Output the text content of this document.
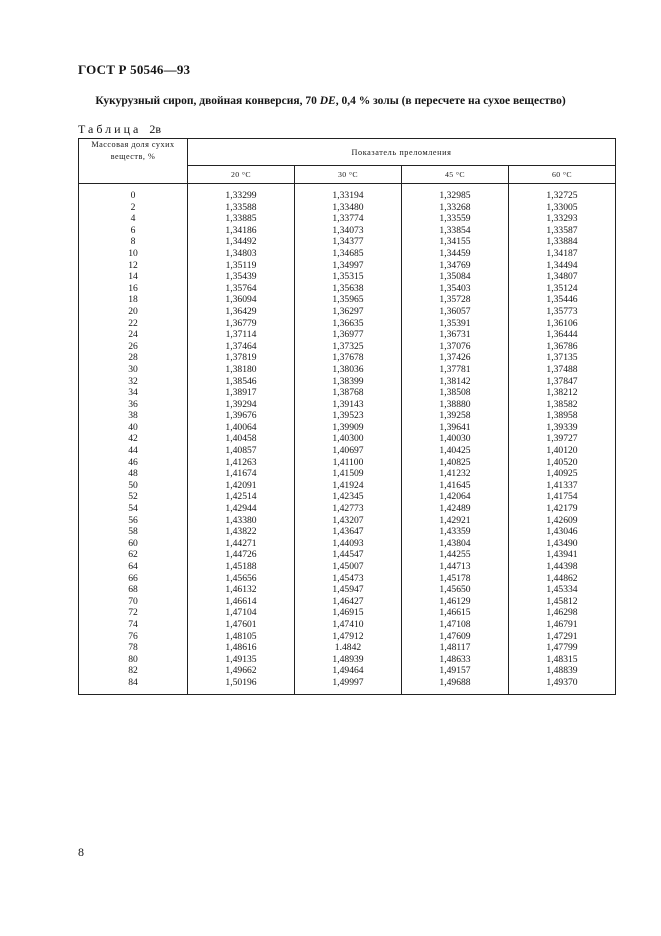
ГОСТ Р 50546—93
Кукурузный сироп, двойная конверсия, 70 DE, 0,4 % золы (в пересчете на сухое вещество)
Таблица 2в
Массовая доля сухих веществ, %	Показатель преломления			
	20 °C	30 °C	45 °C	60 °C

0	1,33299	1,33194	1,32985	1,32725
2	1,33588	1,33480	1,33268	1,33005
4	1,33885	1,33774	1,33559	1,33293
6	1,34186	1,34073	1,33854	1,33587
8	1,34492	1,34377	1,34155	1,33884
10	1,34803	1,34685	1,34459	1,34187
12	1,35119	1,34997	1,34769	1,34494
14	1,35439	1,35315	1,35084	1,34807
16	1,35764	1,35638	1,35403	1,35124
18	1,36094	1,35965	1,35728	1,35446
20	1,36429	1,36297	1,36057	1,35773
22	1,36779	1,36635	1,35391	1,36106
24	1,37114	1,36977	1,36731	1,36444
26	1,37464	1,37325	1,37076	1,36786
28	1,37819	1,37678	1,37426	1,37135
30	1,38180	1,38036	1,37781	1,37488
32	1,38546	1,38399	1,38142	1,37847
34	1,38917	1,38768	1,38508	1,38212
36	1,39294	1,39143	1,38880	1,38582
38	1,39676	1,39523	1,39258	1,38958
40	1,40064	1,39909	1,39641	1,39339
42	1,40458	1,40300	1,40030	1,39727
44	1,40857	1,40697	1,40425	1,40120
46	1,41263	1,41100	1,40825	1,40520
48	1,41674	1,41509	1,41232	1,40925
50	1,42091	1,41924	1,41645	1,41337
52	1,42514	1,42345	1,42064	1,41754
54	1,42944	1,42773	1,42489	1,42179
56	1,43380	1,43207	1,42921	1,42609
58	1,43822	1,43647	1,43359	1,43046
60	1,44271	1,44093	1,43804	1,43490
62	1,44726	1,44547	1,44255	1,43941
64	1,45188	1,45007	1,44713	1,44398
66	1,45656	1,45473	1,45178	1,44862
68	1,46132	1,45947	1,45650	1,45334
70	1,46614	1,46427	1,46129	1,45812
72	1,47104	1,46915	1,46615	1,46298
74	1,47601	1,47410	1,47108	1,46791
76	1,48105	1,47912	1,47609	1,47291
78	1,48616	1.4842	1,48117	1,47799
80	1,49135	1,48939	1,48633	1,48315
82	1,49662	1,49464	1,49157	1,48839
84	1,50196	1,49997	1,49688	1,49370
8
